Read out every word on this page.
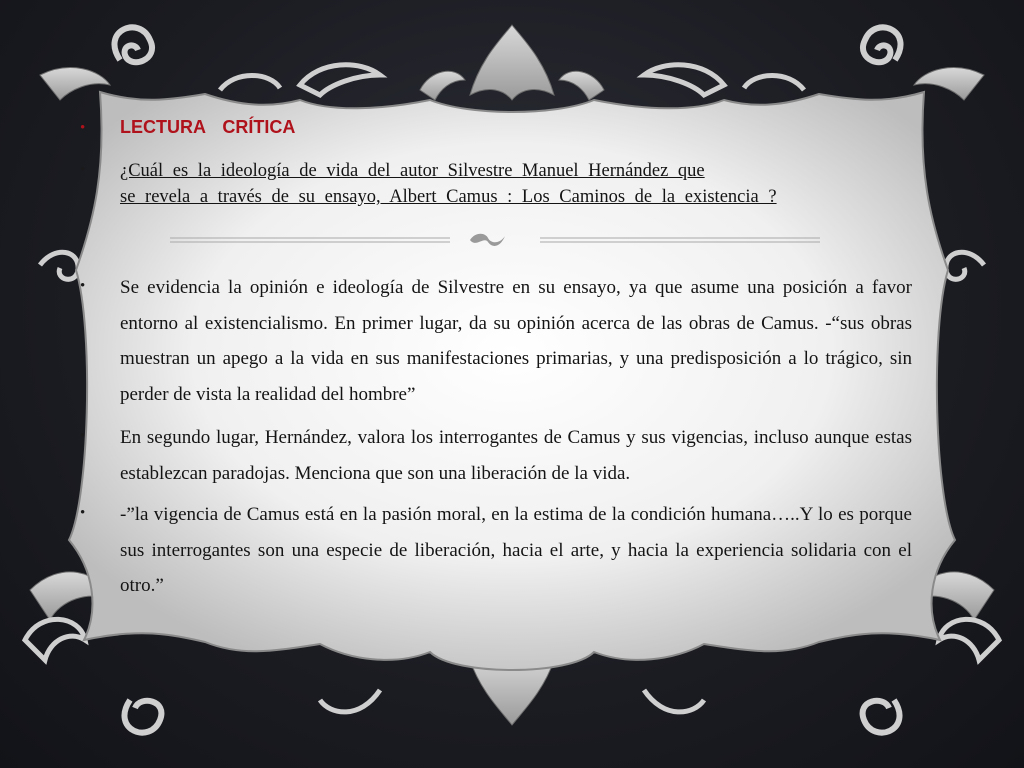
• LECTURA CRÍTICA
• ¿Cuál es la ideología de vida del autor Silvestre Manuel Hernández que
se revela a través de su ensayo, Albert Camus : Los Caminos de la existencia ?
• Se evidencia la opinión e ideología de Silvestre en su ensayo, ya que asume una posición a favor entorno al existencialismo. En primer lugar, da su opinión acerca de las obras de Camus. -“sus obras muestran un apego a la vida en sus manifestaciones primarias, y una predisposición a lo trágico, sin perder de vista la realidad del hombre”
• En segundo lugar, Hernández, valora los interrogantes de Camus y sus vigencias, incluso aunque estas establezcan paradojas. Menciona que son una liberación de la vida.
• -”la vigencia de Camus está en la pasión moral, en la estima de la condición humana…..Y lo es porque sus interrogantes son una especie de liberación, hacia el arte, y hacia la experiencia solidaria con el otro.”
